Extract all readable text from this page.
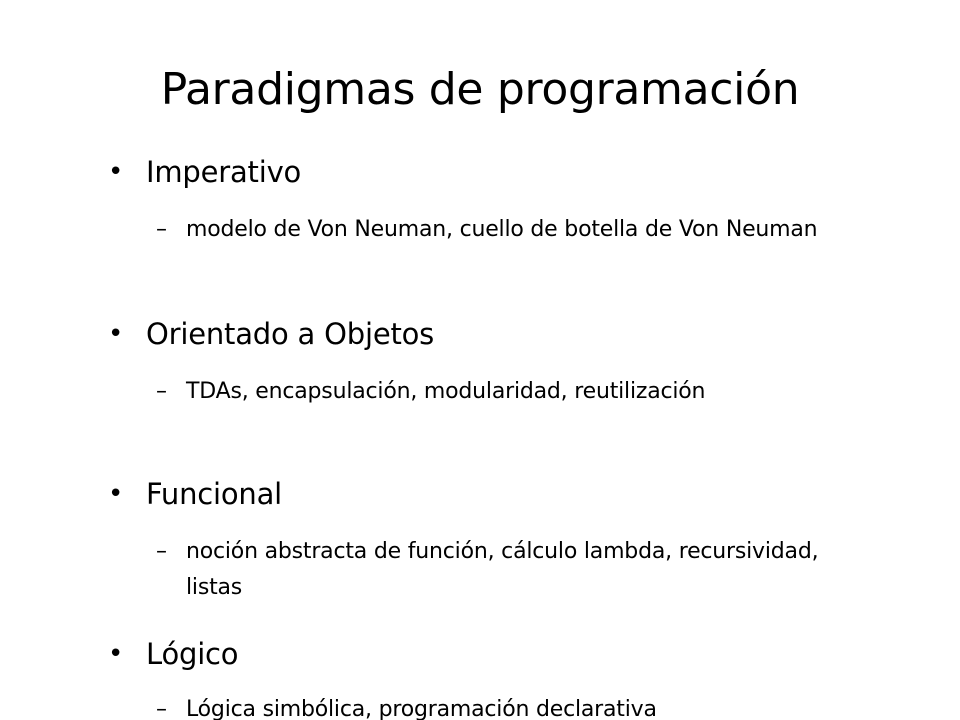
Paradigmas de programación
• Imperativo
– modelo de Von Neuman, cuello de botella de Von Neuman
• Orientado a Objetos
– TDAs, encapsulación, modularidad, reutilización
• Funcional
– noción abstracta de función, cálculo lambda, recursividad, listas
• Lógico
– Lógica simbólica, programación declarativa
